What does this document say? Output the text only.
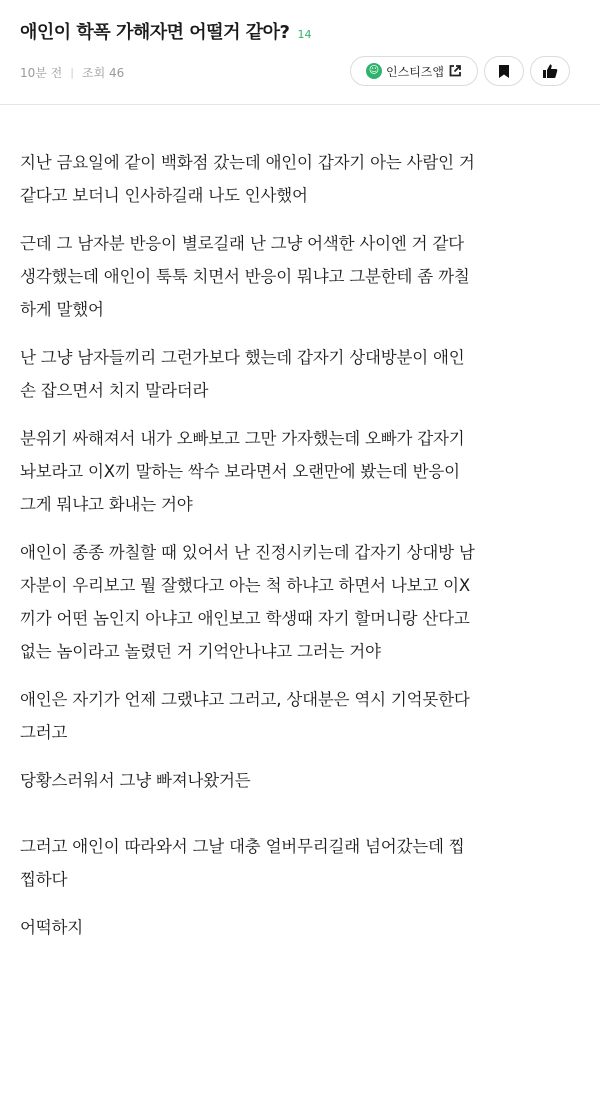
애인이 학폭 가해자면 어떨거 같아? 14
10분 전 | 조회 46	☺ 인스티즈앱

지난 금요일에 같이 백화점 갔는데 애인이 갑자기 아는 사람인 거
같다고 보더니 인사하길래 나도 인사했어

근데 그 남자분 반응이 별로길래 난 그냥 어색한 사이엔 거 같다
생각했는데 애인이 툭툭 치면서 반응이 뭐냐고 그분한테 좀 까칠
하게 말했어

난 그냥 남자들끼리 그런가보다 했는데 갑자기 상대방분이 애인
손 잡으면서 치지 말라더라

분위기 싸해져서 내가 오빠보고 그만 가자했는데 오빠가 갑자기
놔보라고 이X끼 말하는 싹수 보라면서 오랜만에 봤는데 반응이
그게 뭐냐고 화내는 거야

애인이 종종 까칠할 때 있어서 난 진정시키는데 갑자기 상대방 남
자분이 우리보고 뭘 잘했다고 아는 척 하냐고 하면서 나보고 이X
끼가 어떤 놈인지 아냐고 애인보고 학생때 자기 할머니랑 산다고
없는 놈이라고 놀렸던 거 기억안나냐고 그러는 거야

애인은 자기가 언제 그랬냐고 그러고, 상대분은 역시 기억못한다
그러고

당황스러워서 그냥 빠져나왔거든

그러고 애인이 따라와서 그날 대충 얼버무리길래 넘어갔는데 찝
찝하다

어떡하지
